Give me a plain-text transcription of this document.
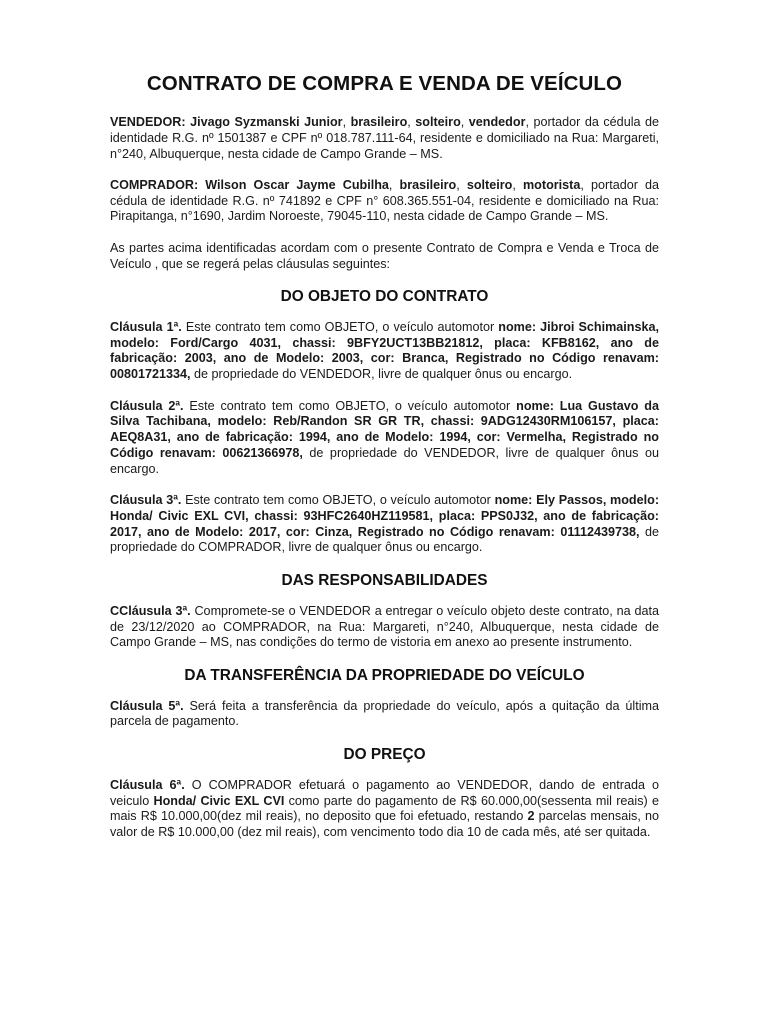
CONTRATO DE COMPRA E VENDA DE VEÍCULO

VENDEDOR: Jivago Syzmanski Junior, brasileiro, solteiro, vendedor, portador da cédula de identidade R.G. nº 1501387 e CPF nº 018.787.111-64, residente e domiciliado na Rua: Margareti, n°240, Albuquerque, nesta cidade de Campo Grande – MS.

COMPRADOR: Wilson Oscar Jayme Cubilha, brasileiro, solteiro, motorista, portador da cédula de identidade R.G. nº 741892 e CPF n° 608.365.551-04, residente e domiciliado na Rua: Pirapitanga, n°1690, Jardim Noroeste, 79045-110, nesta cidade de Campo Grande – MS.

As partes acima identificadas acordam com o presente Contrato de Compra e Venda e Troca de Veículo , que se regerá pelas cláusulas seguintes:

DO OBJETO DO CONTRATO

Cláusula 1ª. Este contrato tem como OBJETO, o veículo automotor nome: Jibroi Schimainska, modelo: Ford/Cargo 4031, chassi: 9BFY2UCT13BB21812, placa: KFB8162, ano de fabricação: 2003, ano de Modelo: 2003, cor: Branca, Registrado no Código renavam: 00801721334, de propriedade do VENDEDOR, livre de qualquer ônus ou encargo.

Cláusula 2ª. Este contrato tem como OBJETO, o veículo automotor nome: Lua Gustavo da Silva Tachibana, modelo: Reb/Randon SR GR TR, chassi: 9ADG12430RM106157, placa: AEQ8A31, ano de fabricação: 1994, ano de Modelo: 1994, cor: Vermelha, Registrado no Código renavam: 00621366978, de propriedade do VENDEDOR, livre de qualquer ônus ou encargo.

Cláusula 3ª. Este contrato tem como OBJETO, o veículo automotor nome: Ely Passos, modelo: Honda/ Civic EXL CVI, chassi: 93HFC2640HZ119581, placa: PPS0J32, ano de fabricação: 2017, ano de Modelo: 2017, cor: Cinza, Registrado no Código renavam: 01112439738, de propriedade do COMPRADOR, livre de qualquer ônus ou encargo.

DAS RESPONSABILIDADES

CCláusula 3ª. Compromete-se o VENDEDOR a entregar o veículo objeto deste contrato, na data de 23/12/2020 ao COMPRADOR, na Rua: Margareti, n°240, Albuquerque, nesta cidade de Campo Grande – MS, nas condições do termo de vistoria em anexo ao presente instrumento.

DA TRANSFERÊNCIA DA PROPRIEDADE DO VEÍCULO

Cláusula 5ª. Será feita a transferência da propriedade do veículo, após a quitação da última parcela de pagamento.

DO PREÇO

Cláusula 6ª. O COMPRADOR efetuará o pagamento ao VENDEDOR, dando de entrada o veiculo Honda/ Civic EXL CVI como parte do pagamento de R$ 60.000,00(sessenta mil reais) e mais R$ 10.000,00(dez mil reais), no deposito que foi efetuado, restando 2 parcelas mensais, no valor de R$ 10.000,00 (dez mil reais), com vencimento todo dia 10 de cada mês, até ser quitada.
